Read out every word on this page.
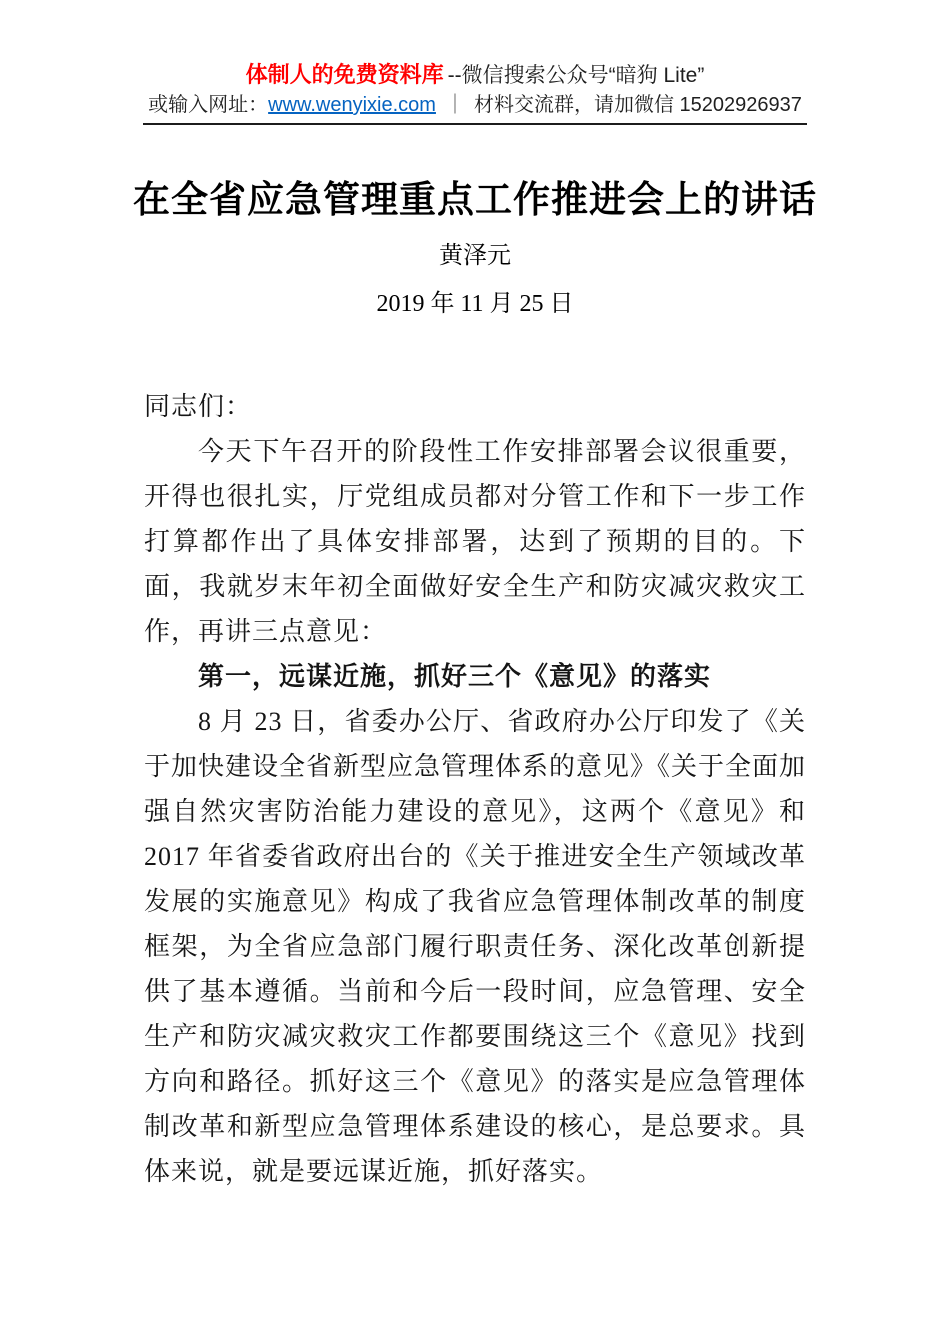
体制人的免费资料库 --微信搜索公众号“暗狗 Lite”
或输入网址：www.wenyixie.com ｜ 材料交流群，请加微信 15202926937
在全省应急管理重点工作推进会上的讲话
黄泽元
2019 年 11 月 25 日

同志们：

今天下午召开的阶段性工作安排部署会议很重要，开得也很扎实，厅党组成员都对分管工作和下一步工作打算都作出了具体安排部署，达到了预期的目的。下面，我就岁末年初全面做好安全生产和防灾减灾救灾工作，再讲三点意见：

第一，远谋近施，抓好三个《意见》的落实

8 月 23 日，省委办公厅、省政府办公厅印发了《关于加快建设全省新型应急管理体系的意见》《关于全面加强自然灾害防治能力建设的意见》，这两个《意见》和 2017 年省委省政府出台的《关于推进安全生产领域改革发展的实施意见》构成了我省应急管理体制改革的制度框架，为全省应急部门履行职责任务、深化改革创新提供了基本遵循。当前和今后一段时间，应急管理、安全生产和防灾减灾救灾工作都要围绕这三个《意见》找到方向和路径。抓好这三个《意见》的落实是应急管理体制改革和新型应急管理体系建设的核心，是总要求。具体来说，就是要远谋近施，抓好落实。
